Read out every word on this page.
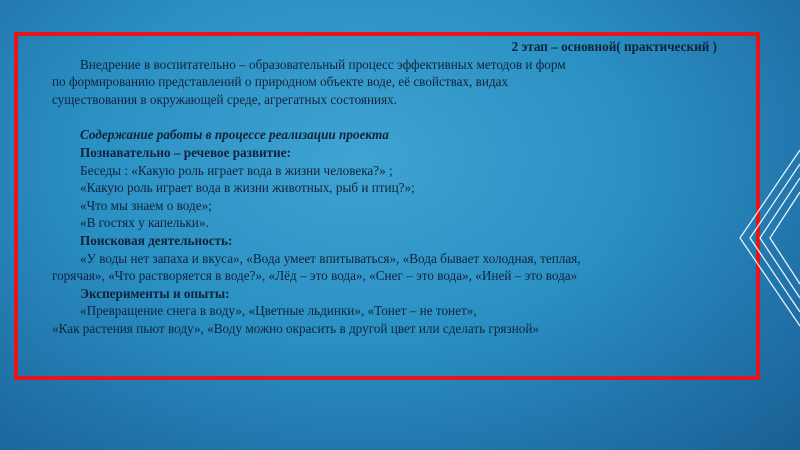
2 этап – основной( практический )

Внедрение в воспитательно – образовательный процесс эффективных методов и форм

по формированию представлений о природном объекте воде, её свойствах, видах

существования в окружающей среде, агрегатных состояниях.

Содержание работы в процессе реализации проекта

Познавательно – речевое развитие:

Беседы : «Какую роль играет вода в жизни человека?» ;

«Какую роль играет вода в жизни животных, рыб и птиц?»;

«Что мы знаем о воде»;

«В гостях у капельки».

Поисковая деятельность:

«У воды нет запаха и вкуса», «Вода умеет впитываться», «Вода бывает холодная, теплая,

горячая», «Что растворяется в воде?», «Лёд – это вода», «Снег – это вода», «Иней – это вода»

Эксперименты и опыты:

«Превращение снега в воду», «Цветные льдинки», «Тонет – не тонет»,

«Как растения пьют воду», «Воду можно окрасить в другой цвет или сделать грязной»
